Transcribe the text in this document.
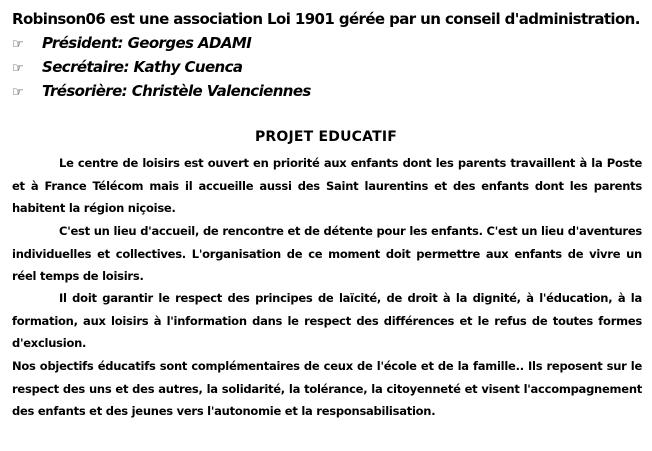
Robinson06 est une association Loi 1901 gérée par un conseil d'administration.
☞ Président: Georges ADAMI
☞ Secrétaire: Kathy Cuenca
☞ Trésorière: Christèle Valenciennes
PROJET EDUCATIF

Le centre de loisirs est ouvert en priorité aux enfants dont les parents travaillent à la Poste et à France Télécom mais il accueille aussi des Saint laurentins et des enfants dont les parents habitent la région niçoise.

C'est un lieu d'accueil, de rencontre et de détente pour les enfants. C'est un lieu d'aventures individuelles et collectives. L'organisation de ce moment doit permettre aux enfants de vivre un réel temps de loisirs.

Il doit garantir le respect des principes de laïcité, de droit à la dignité, à l'éducation, à la formation, aux loisirs à l'information dans le respect des différences et le refus de toutes formes d'exclusion.

Nos objectifs éducatifs sont complémentaires de ceux de l'école et de la famille.. Ils reposent sur le respect des uns et des autres, la solidarité, la tolérance, la citoyenneté et visent l'accompagnement des enfants et des jeunes vers l'autonomie et la responsabilisation.
